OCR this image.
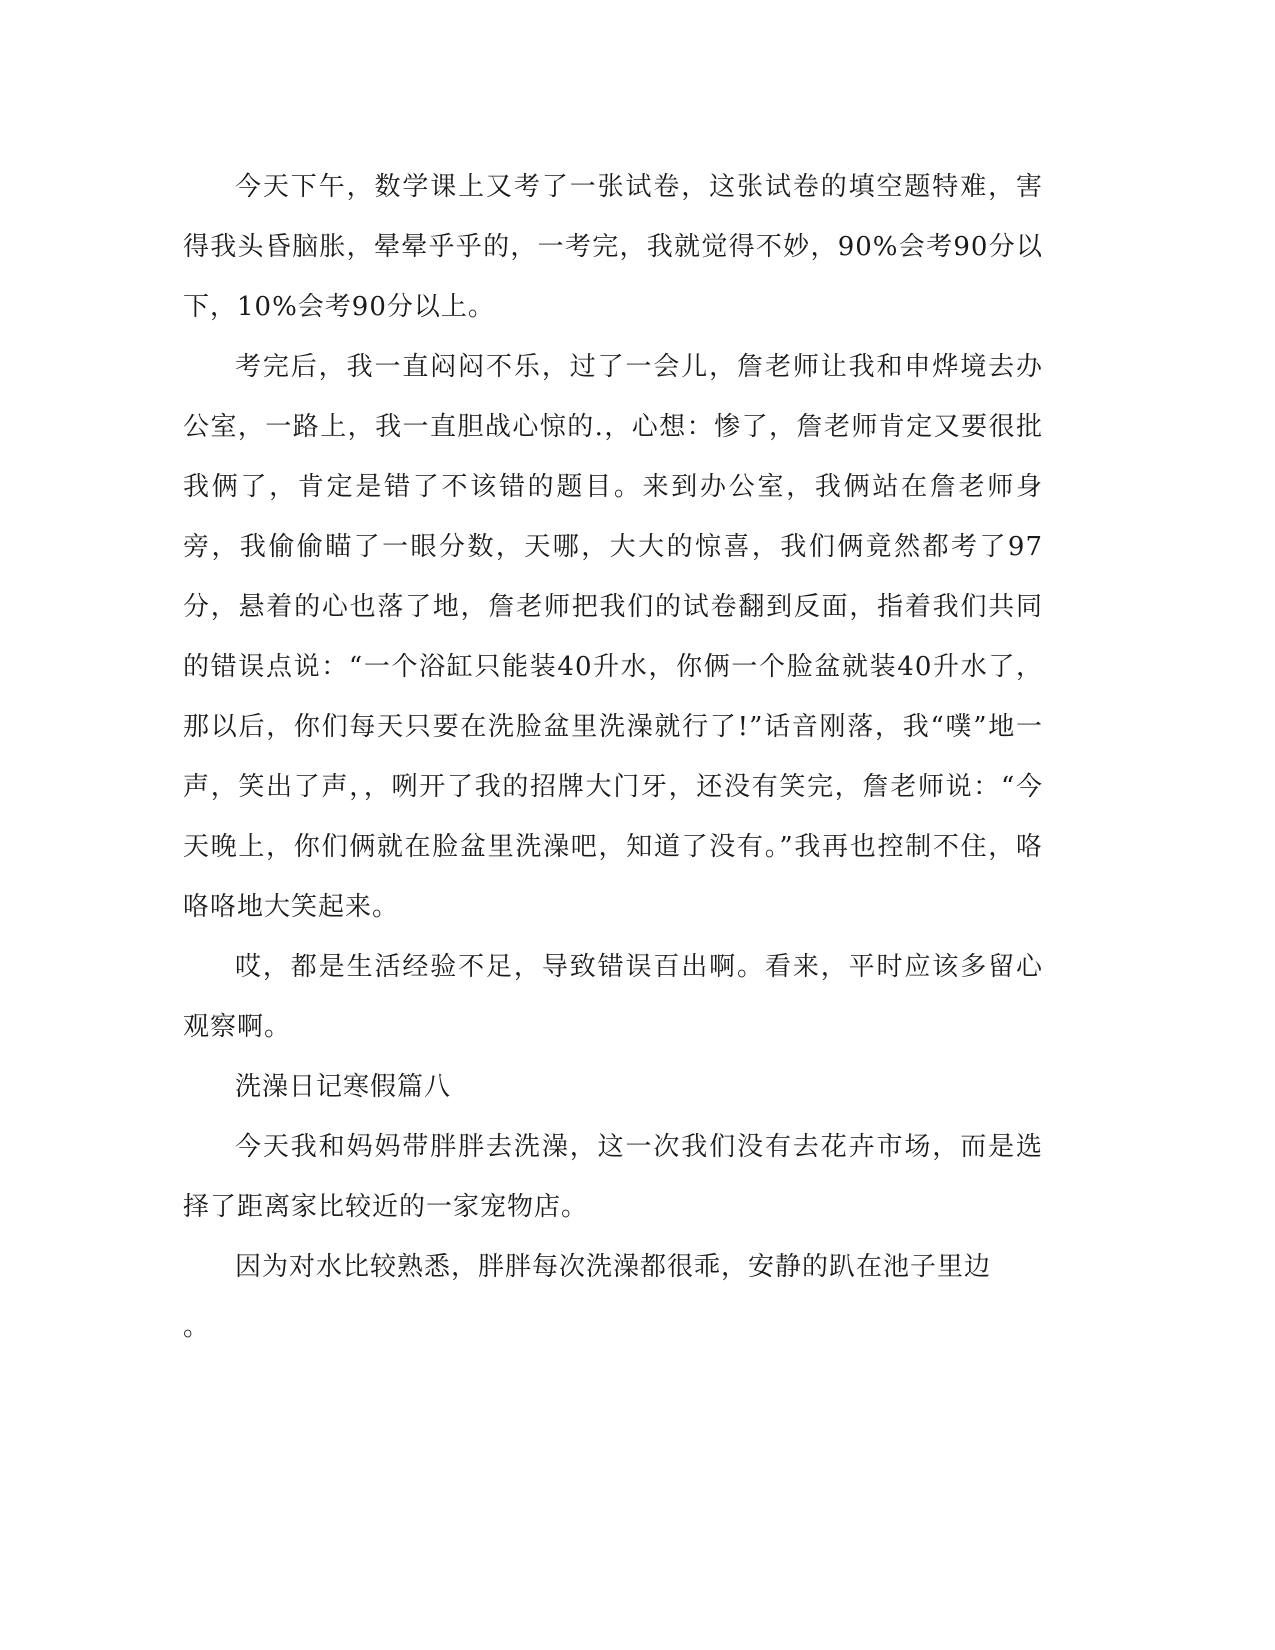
今天下午，数学课上又考了一张试卷，这张试卷的填空题特难，害得我头昏脑胀，晕晕乎乎的，一考完，我就觉得不妙，90%会考90分以下，10%会考90分以上。

考完后，我一直闷闷不乐，过了一会儿，詹老师让我和申烨境去办公室，一路上，我一直胆战心惊的.，心想：惨了，詹老师肯定又要很批我俩了，肯定是错了不该错的题目。来到办公室，我俩站在詹老师身旁，我偷偷瞄了一眼分数，天哪，大大的惊喜，我们俩竟然都考了97分，悬着的心也落了地，詹老师把我们的试卷翻到反面，指着我们共同的错误点说：“一个浴缸只能装40升水，你俩一个脸盆就装40升水了，那以后，你们每天只要在洗脸盆里洗澡就行了!”话音刚落，我“噗”地一声，笑出了声，，咧开了我的招牌大门牙，还没有笑完，詹老师说：“今天晚上，你们俩就在脸盆里洗澡吧，知道了没有。”我再也控制不住，咯咯咯地大笑起来。

哎，都是生活经验不足，导致错误百出啊。看来，平时应该多留心观察啊。

洗澡日记寒假篇八

今天我和妈妈带胖胖去洗澡，这一次我们没有去花卉市场，而是选择了距离家比较近的一家宠物店。

因为对水比较熟悉，胖胖每次洗澡都很乖，安静的趴在池子里边

。
